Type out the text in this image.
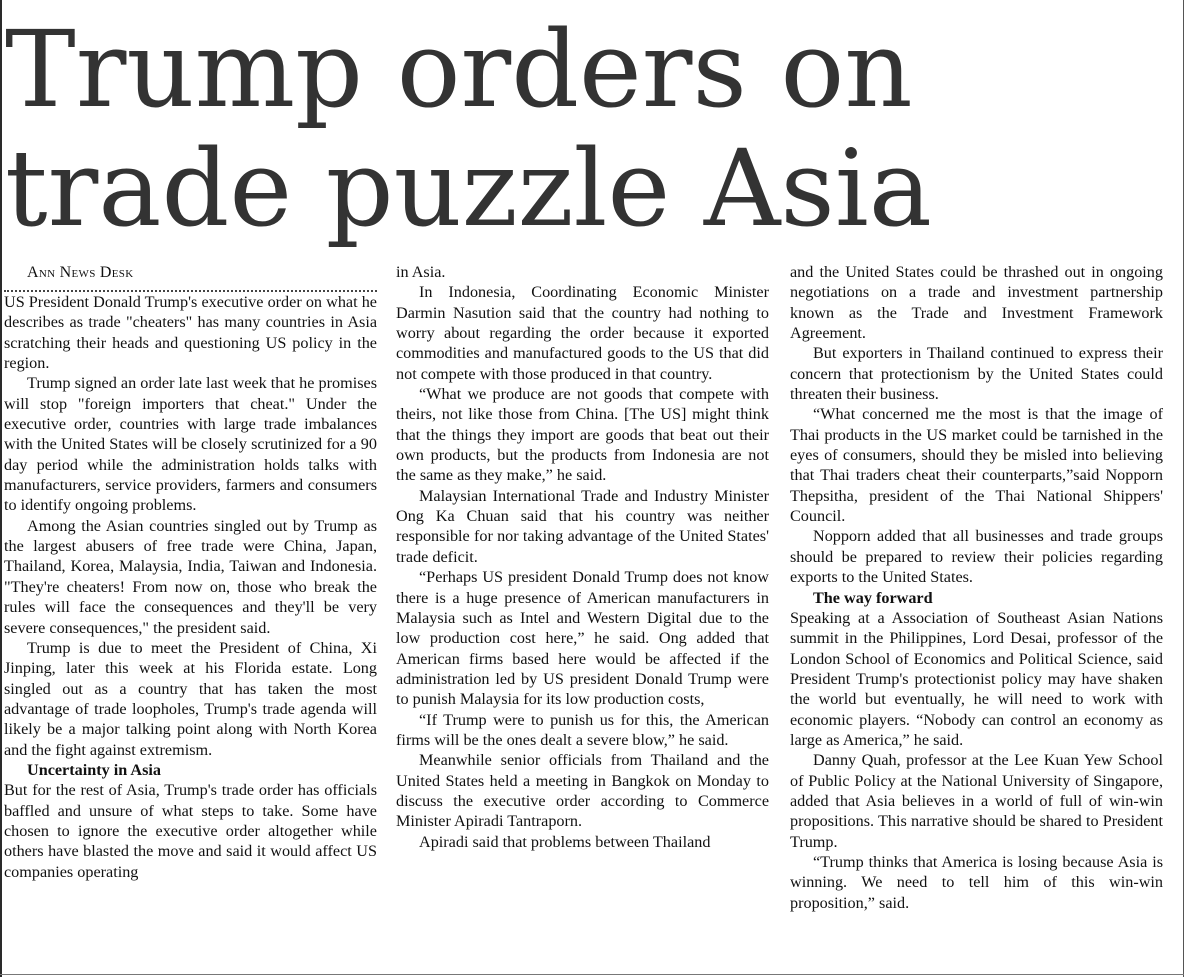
Trump orders on
trade puzzle Asia

Ann News Desk

US President Donald Trump's executive order on what he describes as trade "cheaters" has many countries in Asia scratching their heads and questioning US policy in the region.

Trump signed an order late last week that he promises will stop "foreign importers that cheat." Under the executive order, countries with large trade imbalances with the United States will be closely scrutinized for a 90 day period while the administration holds talks with manufacturers, service providers, farmers and consumers to identify ongoing problems.

Among the Asian countries singled out by Trump as the largest abusers of free trade were China, Japan, Thailand, Korea, Malaysia, India, Taiwan and Indonesia. "They're cheaters! From now on, those who break the rules will face the consequences and they'll be very severe consequences," the president said.

Trump is due to meet the President of China, Xi Jinping, later this week at his Florida estate. Long singled out as a country that has taken the most advantage of trade loopholes, Trump's trade agenda will likely be a major talking point along with North Korea and the fight against extremism.

Uncertainty in Asia

But for the rest of Asia, Trump's trade order has officials baffled and unsure of what steps to take. Some have chosen to ignore the executive order altogether while others have blasted the move and said it would affect US companies operating

in Asia.

In Indonesia, Coordinating Economic Minister Darmin Nasution said that the country had nothing to worry about regarding the order because it exported commodities and manufactured goods to the US that did not compete with those produced in that country.

“What we produce are not goods that compete with theirs, not like those from China. [The US] might think that the things they import are goods that beat out their own products, but the products from Indonesia are not the same as they make,” he said.

Malaysian International Trade and Industry Minister Ong Ka Chuan said that his country was neither responsible for nor taking advantage of the United States' trade deficit.

“Perhaps US president Donald Trump does not know there is a huge presence of American manufacturers in Malaysia such as Intel and Western Digital due to the low production cost here,” he said. Ong added that American firms based here would be affected if the administration led by US president Donald Trump were to punish Malaysia for its low production costs,

“If Trump were to punish us for this, the American firms will be the ones dealt a severe blow,” he said.

Meanwhile senior officials from Thailand and the United States held a meeting in Bangkok on Monday to discuss the executive order according to Commerce Minister Apiradi Tantraporn.

Apiradi said that problems between Thailand

and the United States could be thrashed out in ongoing negotiations on a trade and investment partnership known as the Trade and Investment Framework Agreement.

But exporters in Thailand continued to express their concern that protectionism by the United States could threaten their business.

“What concerned me the most is that the image of Thai products in the US market could be tarnished in the eyes of consumers, should they be misled into believing that Thai traders cheat their counterparts,”said Nopporn Thepsitha, president of the Thai National Shippers' Council.

Nopporn added that all businesses and trade groups should be prepared to review their policies regarding exports to the United States.

The way forward

Speaking at a Association of Southeast Asian Nations summit in the Philippines, Lord Desai, professor of the London School of Economics and Political Science, said President Trump's protectionist policy may have shaken the world but eventually, he will need to work with economic players. “Nobody can control an economy as large as America,” he said.

Danny Quah, professor at the Lee Kuan Yew School of Public Policy at the National University of Singapore, added that Asia believes in a world of full of win-win propositions. This narrative should be shared to President Trump.

“Trump thinks that America is losing because Asia is winning. We need to tell him of this win-win proposition,” said.
